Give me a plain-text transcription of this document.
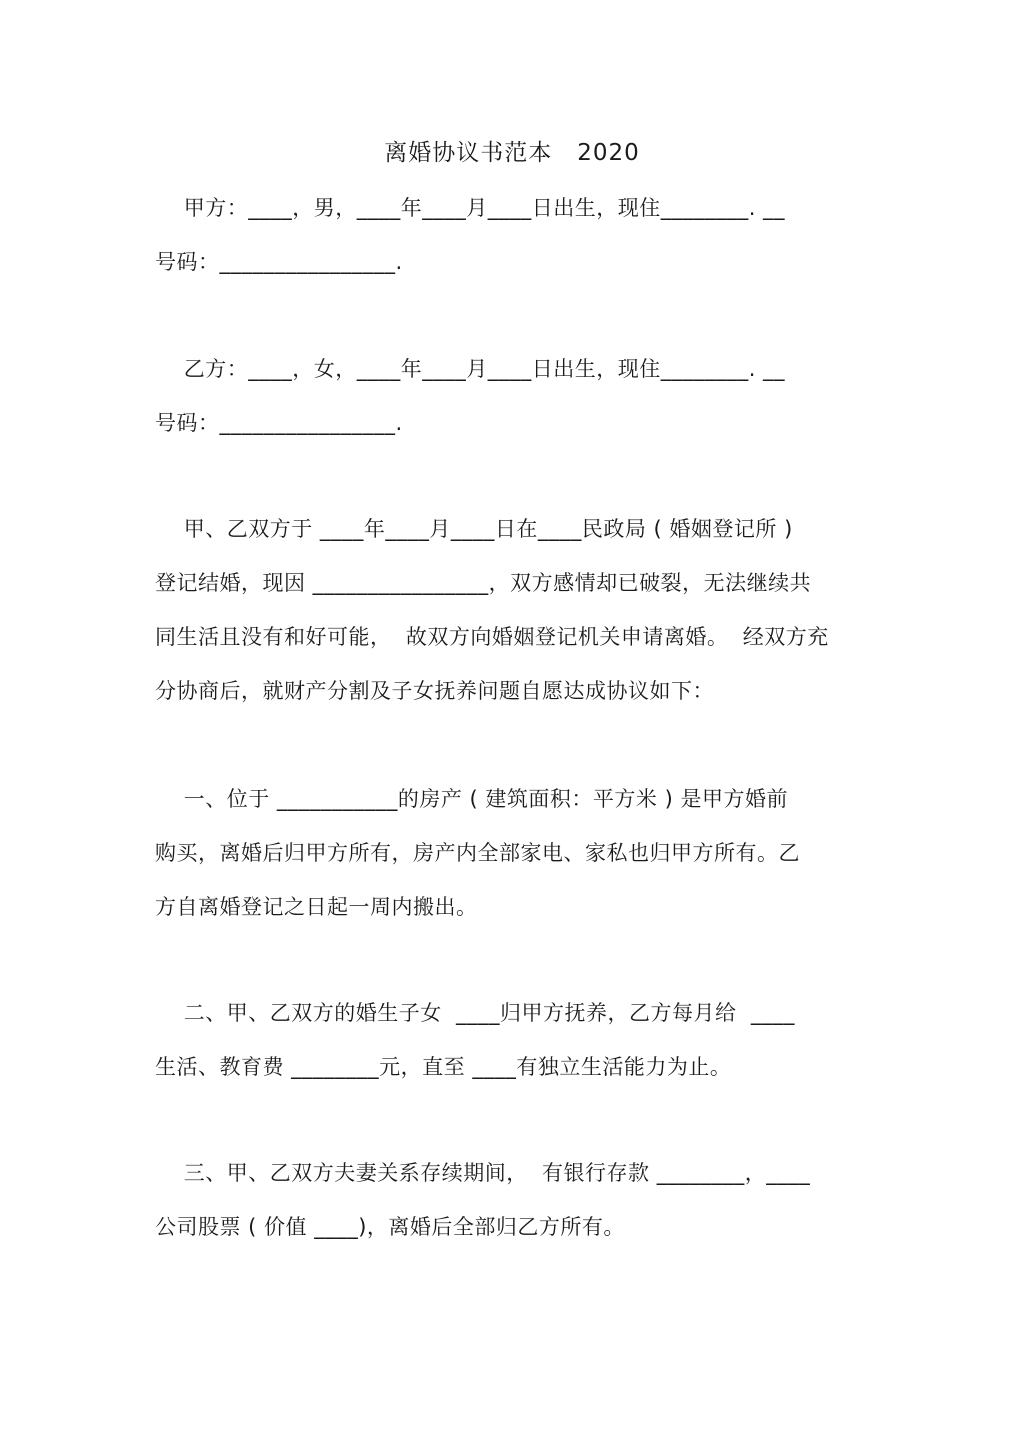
离婚协议书范本   2020
甲方：____，男，____年____月____日出生，现住________. __
号码：________________.
乙方：____，女，____年____月____日出生，现住________. __
号码：________________.
甲、乙双方于 ____年____月____日在____民政局 ( 婚姻登记所 )
登记结婚，现因 ________________，双方感情却已破裂，无法继续共
同生活且没有和好可能，  故双方向婚姻登记机关申请离婚。  经双方充
分协商后，就财产分割及子女抚养问题自愿达成协议如下：
一、位于 ___________的房产 ( 建筑面积：平方米 ) 是甲方婚前
购买，离婚后归甲方所有，房产内全部家电、家私也归甲方所有。乙
方自离婚登记之日起一周内搬出。
二、甲、乙双方的婚生子女  ____归甲方抚养，乙方每月给  ____
生活、教育费 ________元，直至 ____有独立生活能力为止。
三、甲、乙双方夫妻关系存续期间，  有银行存款 ________，____
公司股票 ( 价值 ____)，离婚后全部归乙方所有。
